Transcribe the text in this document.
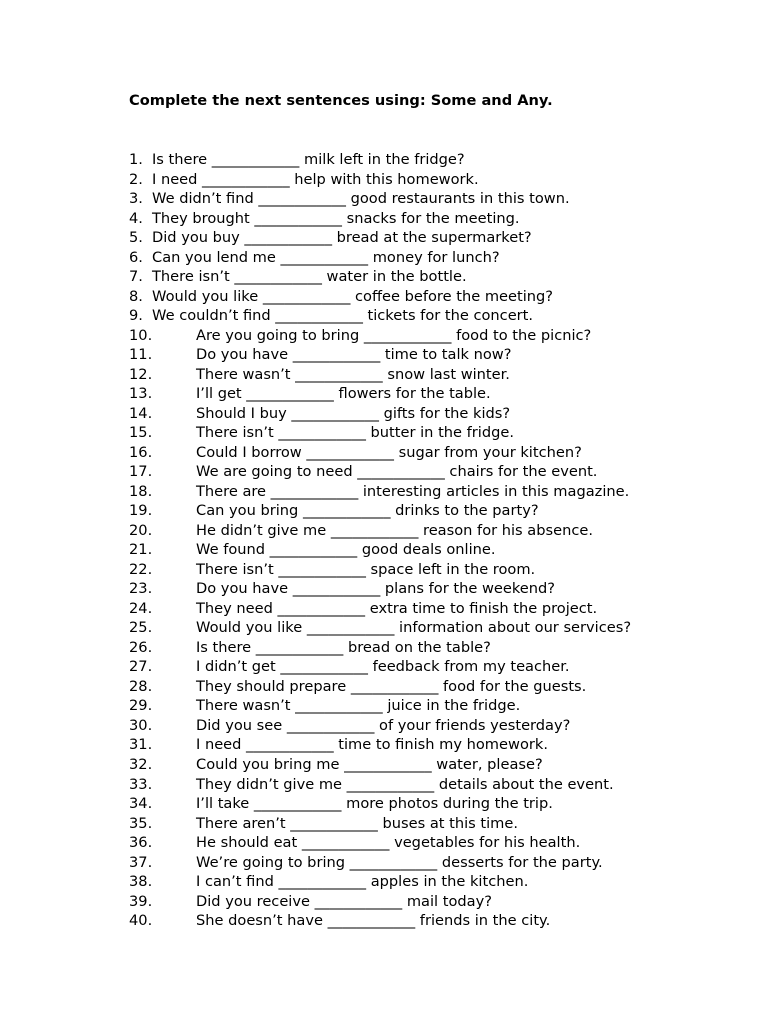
Complete the next sentences using: Some and Any.
1. Is there ____________ milk left in the fridge?
2. I need ____________ help with this homework.
3. We didn’t find ____________ good restaurants in this town.
4. They brought ____________ snacks for the meeting.
5. Did you buy ____________ bread at the supermarket?
6. Can you lend me ____________ money for lunch?
7. There isn’t ____________ water in the bottle.
8. Would you like ____________ coffee before the meeting?
9. We couldn’t find ____________ tickets for the concert.
10.	Are you going to bring ____________ food to the picnic?
11.	Do you have ____________ time to talk now?
12.	There wasn’t ____________ snow last winter.
13.	I’ll get ____________ flowers for the table.
14.	Should I buy ____________ gifts for the kids?
15.	There isn’t ____________ butter in the fridge.
16.	Could I borrow ____________ sugar from your kitchen?
17.	We are going to need ____________ chairs for the event.
18.	There are ____________ interesting articles in this magazine.
19.	Can you bring ____________ drinks to the party?
20.	He didn’t give me ____________ reason for his absence.
21.	We found ____________ good deals online.
22.	There isn’t ____________ space left in the room.
23.	Do you have ____________ plans for the weekend?
24.	They need ____________ extra time to finish the project.
25.	Would you like ____________ information about our services?
26.	Is there ____________ bread on the table?
27.	I didn’t get ____________ feedback from my teacher.
28.	They should prepare ____________ food for the guests.
29.	There wasn’t ____________ juice in the fridge.
30.	Did you see ____________ of your friends yesterday?
31.	I need ____________ time to finish my homework.
32.	Could you bring me ____________ water, please?
33.	They didn’t give me ____________ details about the event.
34.	I’ll take ____________ more photos during the trip.
35.	There aren’t ____________ buses at this time.
36.	He should eat ____________ vegetables for his health.
37.	We’re going to bring ____________ desserts for the party.
38.	I can’t find ____________ apples in the kitchen.
39.	Did you receive ____________ mail today?
40.	She doesn’t have ____________ friends in the city.
